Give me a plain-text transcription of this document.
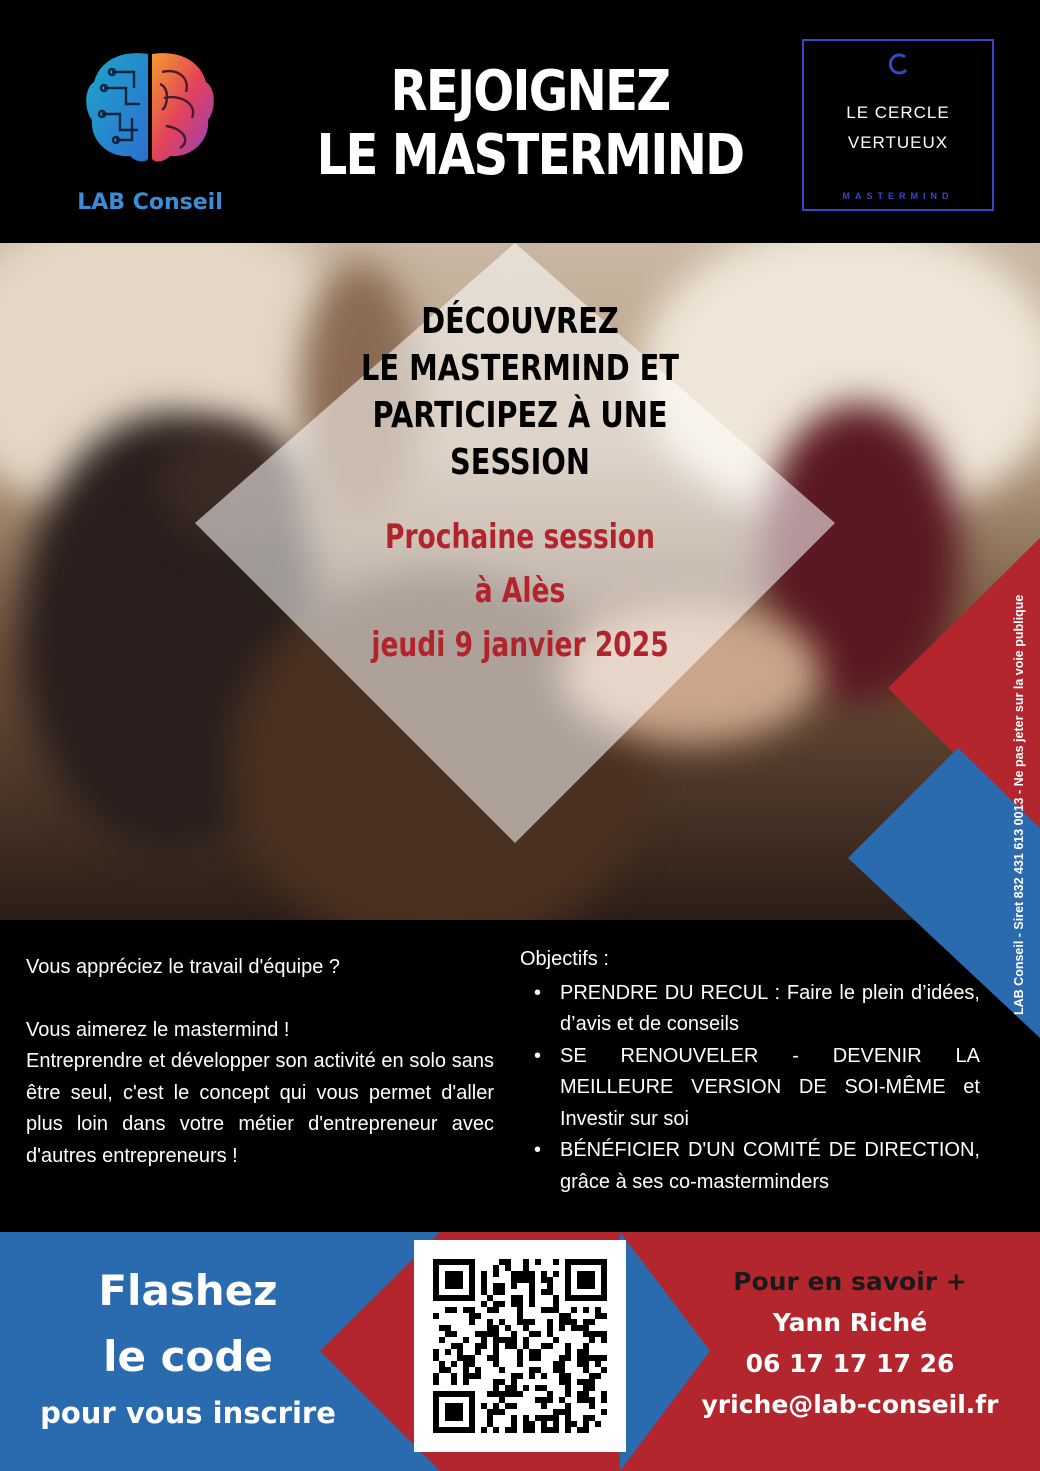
LAB Conseil
REJOIGNEZ
LE MASTERMIND
LE CERCLE
VERTUEUX
MASTERMIND
DÉCOUVREZ
LE MASTERMIND ET
PARTICIPEZ À UNE
SESSION
Prochaine session
à Alès
jeudi 9 janvier 2025	LAB Conseil - Siret 832 431 613 0013 - Ne pas jeter sur la voie publique

Vous appréciez le travail d'équipe ?

Vous aimerez le mastermind !

Entreprendre et développer son activité en solo sans être seul, c'est le concept qui vous permet d'aller plus loin dans votre métier d'entrepreneur avec d'autres entrepreneurs !

Objectifs :
• PRENDRE DU RECUL : Faire le plein d’idées, d’avis et de conseils
• SE RENOUVELER - DEVENIR LA MEILLEURE VERSION DE SOI-MÊME et Investir sur soi
• BÉNÉFICIER D'UN COMITÉ DE DIRECTION, grâce à ses co-masterminders
Flashez
le code
pour vous inscrire
Pour en savoir +
Yann Riché
06 17 17 17 26
yriche@lab-conseil.fr
